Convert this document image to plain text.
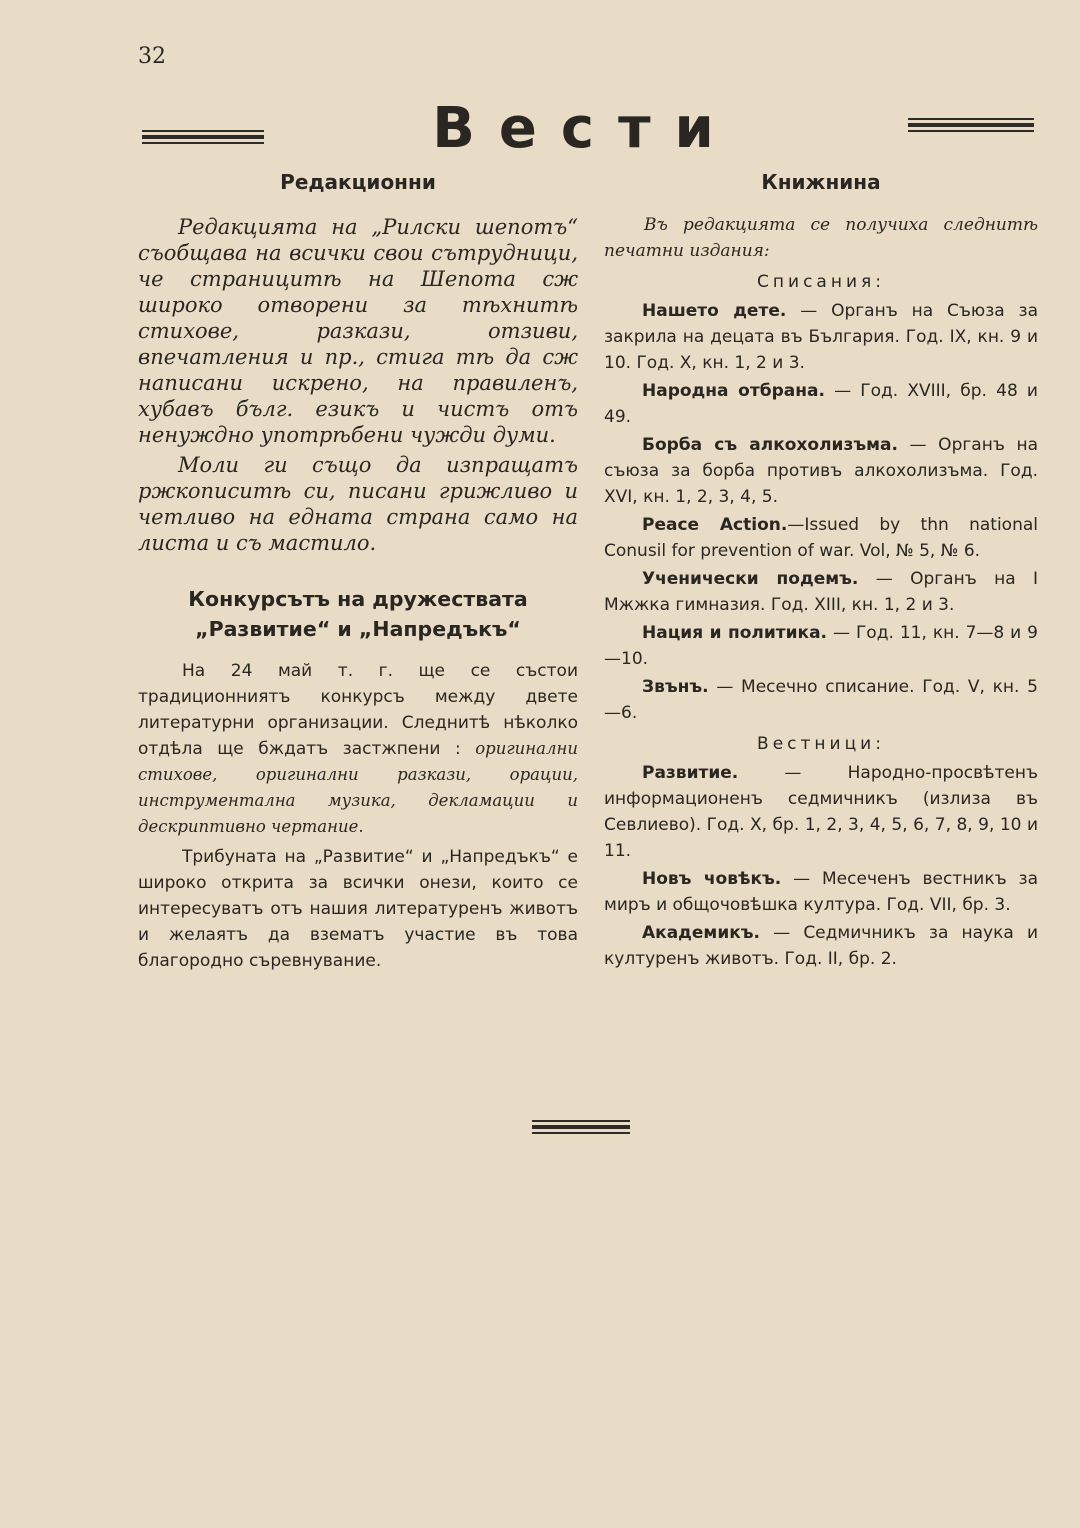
32
Вести
Редакционни

Редакцията на „Рилски шепотъ“ съобщава на всички свои сътрудници, че страницитѣ на Шепота сж широко отворени за тѣхнитѣ стихове, разкази, отзиви, впечатления и пр., стига тѣ да сж написани искрено, на правиленъ, хубавъ бълг. езикъ и чистъ отъ ненуждно употрѣбени чужди думи.

Моли ги също да изпращатъ ржкописитѣ си, писани грижливо и четливо на едната страна само на листа и съ мастило.

Конкурсътъ на дружествата
„Развитие“ и „Напредъкъ“

На 24 май т. г. ще се състои традиционниятъ конкурсъ между двете литературни организации. Следнитѣ нѣколко отдѣла ще бждатъ застжпени : оригинални стихове, оригинални разкази, орации, инструментална музика, декламации и дескриптивно чертание.

Трибуната на „Развитие“ и „Напредъкъ“ е широко открита за всички онези, които се интересуватъ отъ нашия литературенъ животъ и желаятъ да взематъ участие въ това благородно съревнувание.

Книжнина
Въ редакцията се получиха следнитѣ печатни издания:
Списания:

Нашето дете. — Органъ на Съюза за закрила на децата въ България. Год. IX, кн. 9 и 10. Год. X, кн. 1, 2 и 3.

Народна отбрана. — Год. XVIII, бр. 48 и 49.

Борба съ алкохолизъма. — Органъ на съюза за борба противъ алкохолизъма. Год. XVI, кн. 1, 2, 3, 4, 5.

Peace Action.—Issued by thn national Conusil for prevention of war. Vol, № 5, № 6.

Ученически подемъ. — Органъ на I Мжжка гимназия. Год. XIII, кн. 1, 2 и 3.

Нация и политика. — Год. 11, кн. 7—8 и 9—10.

Звънъ. — Месечно списание. Год. V, кн. 5—6.

Вестници:

Развитие. — Народно-просвѣтенъ информационенъ седмичникъ (излиза въ Севлиево). Год. X, бр. 1, 2, 3, 4, 5, 6, 7, 8, 9, 10 и 11.

Новъ човѣкъ. — Месеченъ вестникъ за миръ и общочовѣшка култура. Год. VII, бр. 3.

Академикъ. — Седмичникъ за наука и културенъ животъ. Год. II, бр. 2.
